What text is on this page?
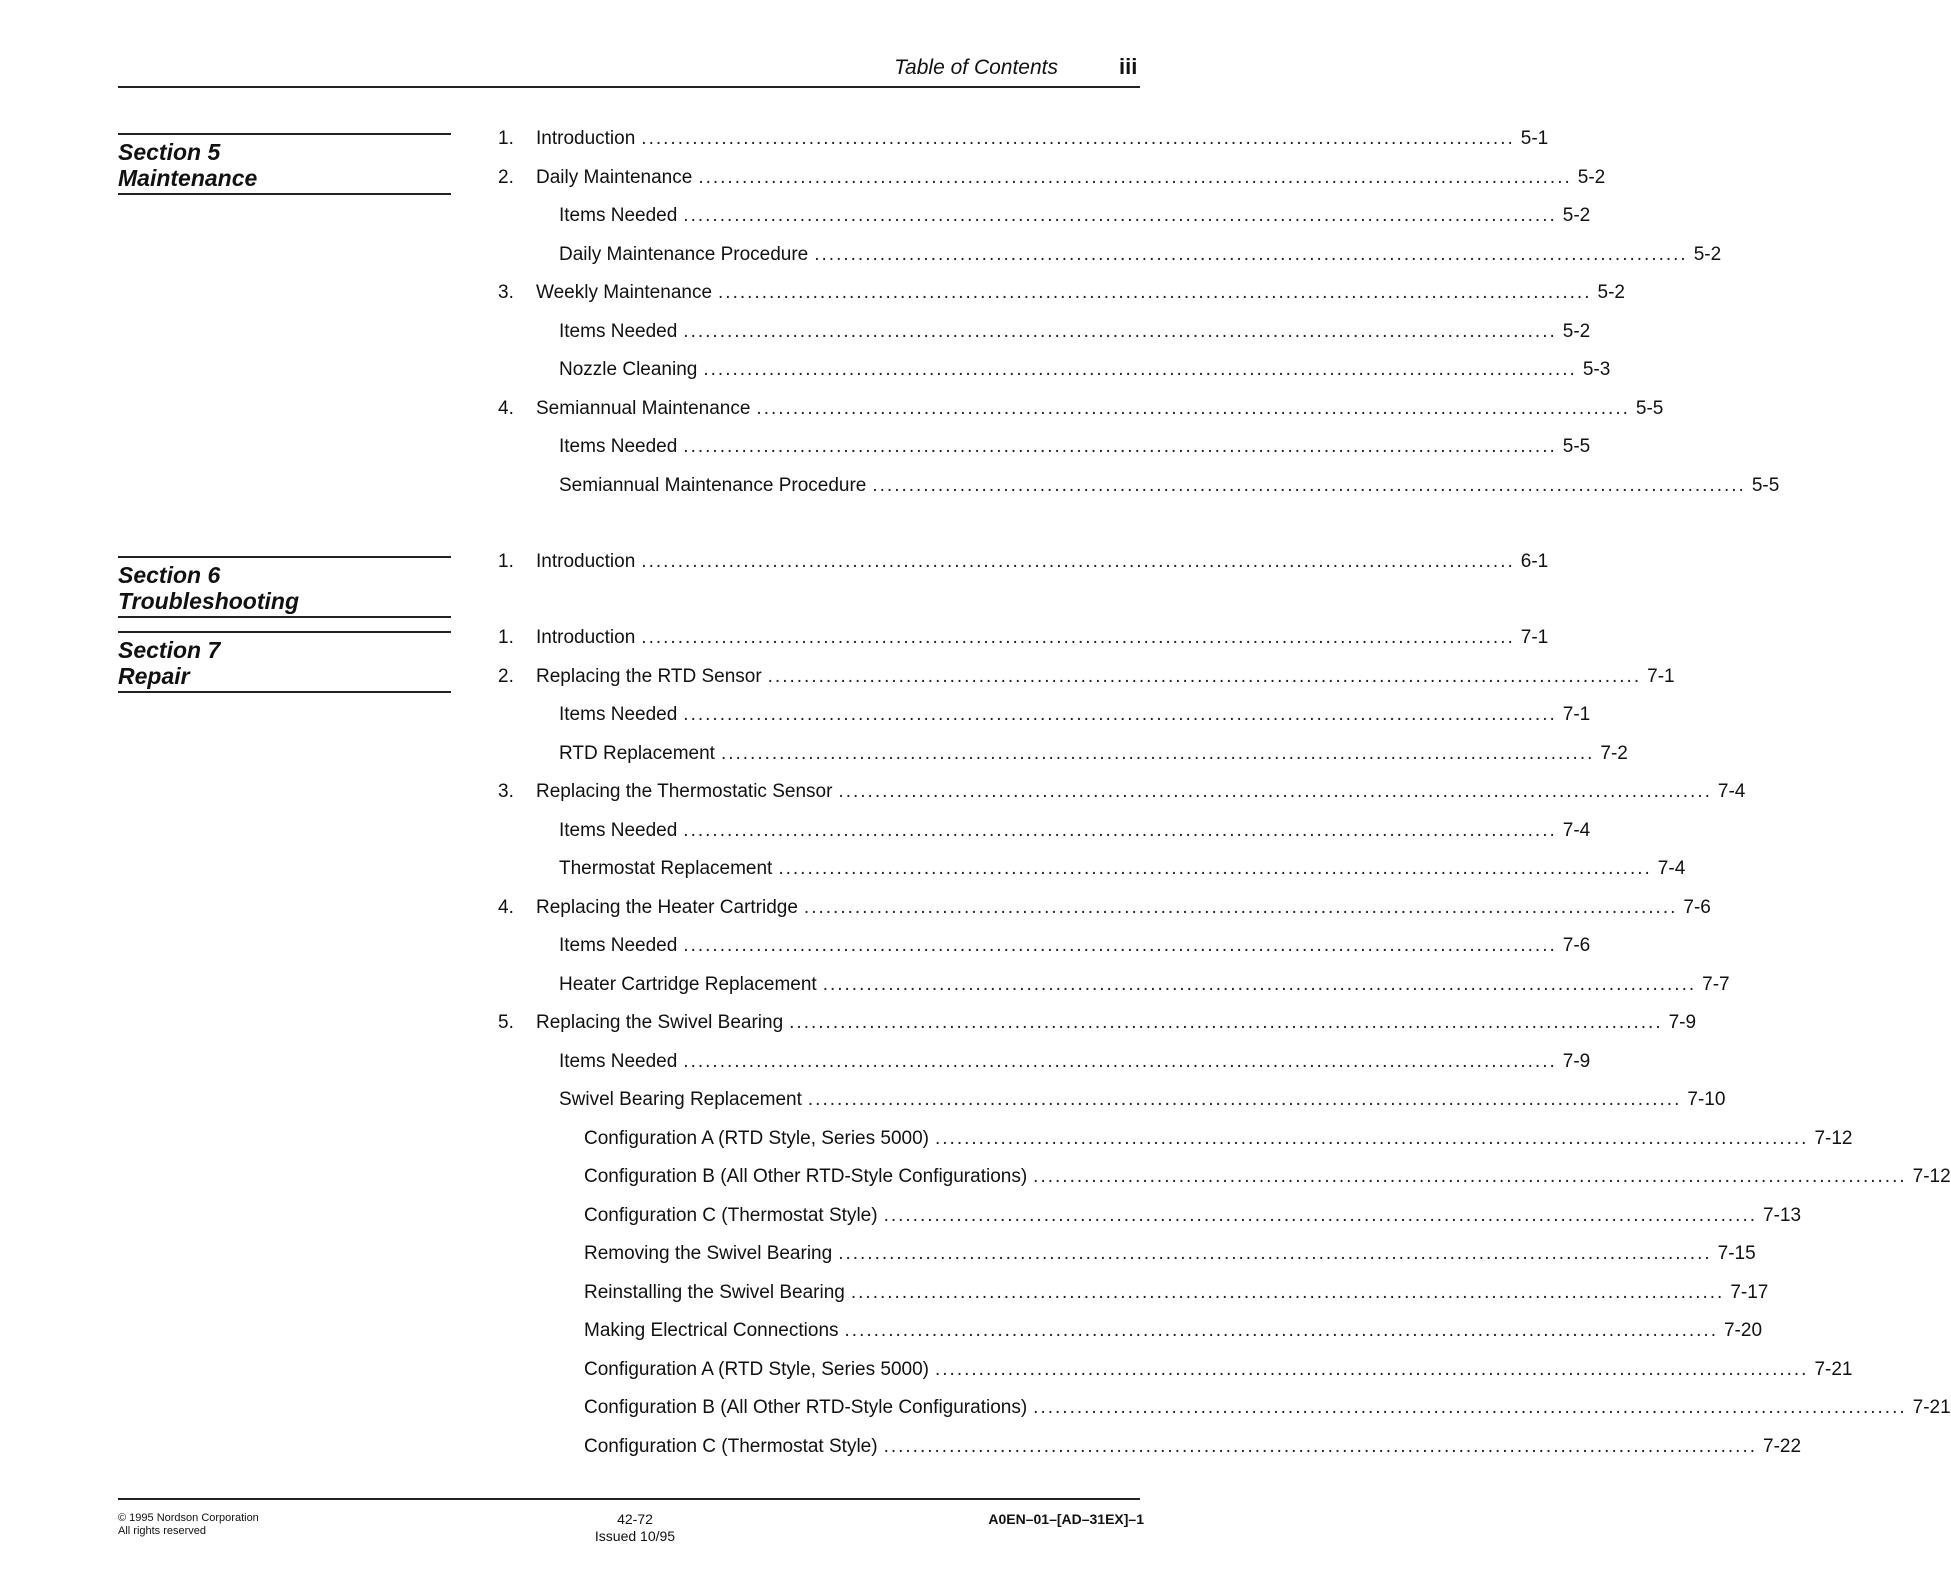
Table of Contents	iii
Section 5
Maintenance
Section 6
Troubleshooting
Section 7
Repair
1. Introduction ........................................................................................................................ 5-1
2. Daily Maintenance ........................................................................................................................ 5-2
Items Needed ........................................................................................................................ 5-2
Daily Maintenance Procedure ........................................................................................................................ 5-2
3. Weekly Maintenance ........................................................................................................................ 5-2
Items Needed ........................................................................................................................ 5-2
Nozzle Cleaning ........................................................................................................................ 5-3
4. Semiannual Maintenance ........................................................................................................................ 5-5
Items Needed ........................................................................................................................ 5-5
Semiannual Maintenance Procedure ........................................................................................................................ 5-5
1. Introduction ........................................................................................................................ 6-1
1. Introduction ........................................................................................................................ 7-1
2. Replacing the RTD Sensor ........................................................................................................................ 7-1
Items Needed ........................................................................................................................ 7-1
RTD Replacement ........................................................................................................................ 7-2
3. Replacing the Thermostatic Sensor ........................................................................................................................ 7-4
Items Needed ........................................................................................................................ 7-4
Thermostat Replacement ........................................................................................................................ 7-4
4. Replacing the Heater Cartridge ........................................................................................................................ 7-6
Items Needed ........................................................................................................................ 7-6
Heater Cartridge Replacement ........................................................................................................................ 7-7
5. Replacing the Swivel Bearing ........................................................................................................................ 7-9
Items Needed ........................................................................................................................ 7-9
Swivel Bearing Replacement ........................................................................................................................ 7-10
Configuration A (RTD Style, Series 5000) ........................................................................................................................ 7-12
Configuration B (All Other RTD-Style Configurations) ........................................................................................................................ 7-12
Configuration C (Thermostat Style) ........................................................................................................................ 7-13
Removing the Swivel Bearing ........................................................................................................................ 7-15
Reinstalling the Swivel Bearing ........................................................................................................................ 7-17
Making Electrical Connections ........................................................................................................................ 7-20
Configuration A (RTD Style, Series 5000) ........................................................................................................................ 7-21
Configuration B (All Other RTD-Style Configurations) ........................................................................................................................ 7-21
Configuration C (Thermostat Style) ........................................................................................................................ 7-22
© 1995 Nordson Corporation
All rights reserved
42-72
Issued 10/95
A0EN–01–[AD–31EX]–1
